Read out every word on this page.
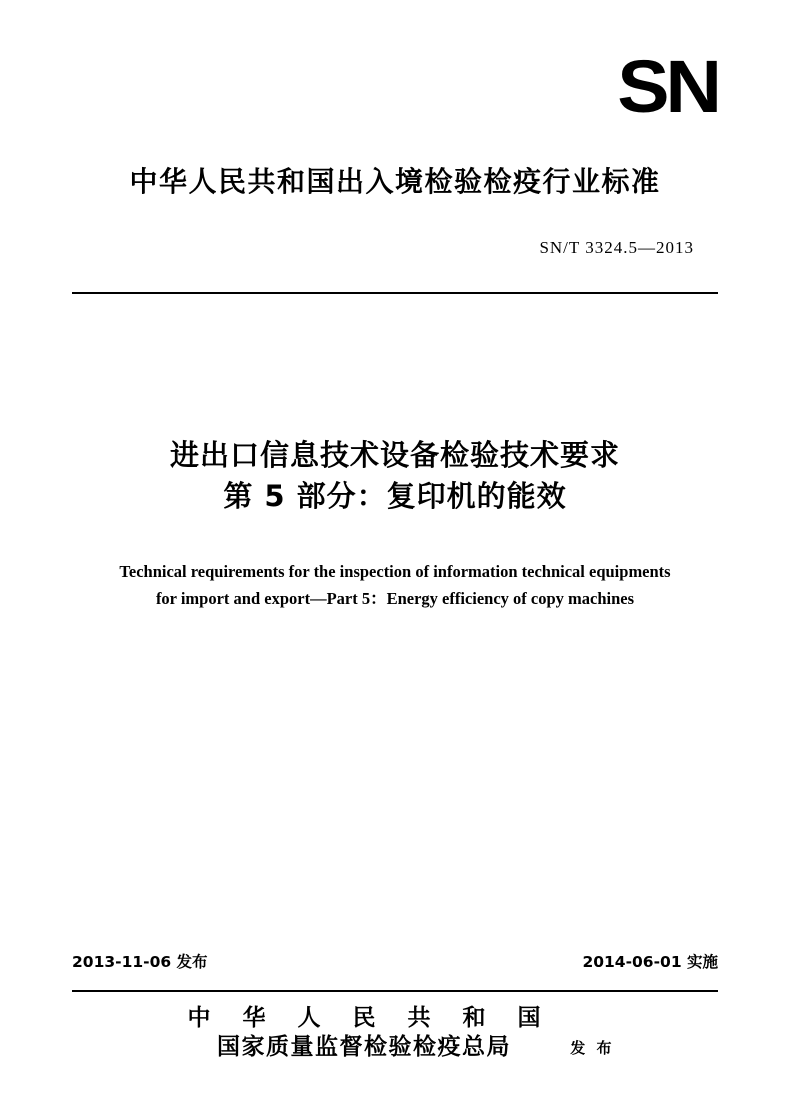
SN
中华人民共和国出入境检验检疫行业标准
SN/T 3324.5—2013
进出口信息技术设备检验技术要求
第 5 部分：复印机的能效
Technical requirements for the inspection of information technical equipments
for import and export—Part 5：Energy efficiency of copy machines
2013-11-06 发布	2014-06-01 实施
中 华 人 民 共 和 国
国家质量监督检验检疫总局	发 布
